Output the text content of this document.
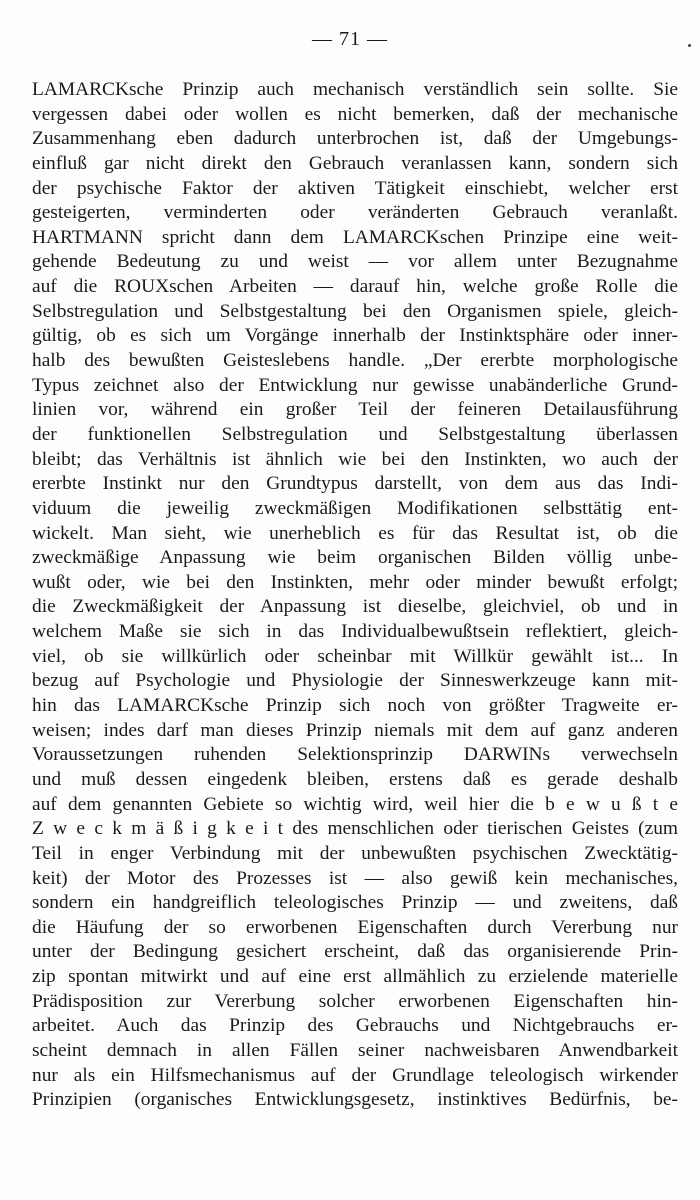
— 71 —
LAMARCKsche Prinzip auch mechanisch verständlich sein sollte. Sie
vergessen dabei oder wollen es nicht bemerken, daß der mechanische
Zusammenhang eben dadurch unterbrochen ist, daß der Umgebungs-
einfluß gar nicht direkt den Gebrauch veranlassen kann, sondern sich
der psychische Faktor der aktiven Tätigkeit einschiebt, welcher erst
gesteigerten, verminderten oder veränderten Gebrauch veranlaßt.
HARTMANN spricht dann dem LAMARCKschen Prinzipe eine weit-
gehende Bedeutung zu und weist — vor allem unter Bezugnahme
auf die ROUXschen Arbeiten — darauf hin, welche große Rolle die
Selbstregulation und Selbstgestaltung bei den Organismen spiele, gleich-
gültig, ob es sich um Vorgänge innerhalb der Instinktsphäre oder inner-
halb des bewußten Geisteslebens handle. „Der ererbte morphologische
Typus zeichnet also der Entwicklung nur gewisse unabänderliche Grund-
linien vor, während ein großer Teil der feineren Detailausführung
der funktionellen Selbstregulation und Selbstgestaltung überlassen
bleibt; das Verhältnis ist ähnlich wie bei den Instinkten, wo auch der
ererbte Instinkt nur den Grundtypus darstellt, von dem aus das Indi-
viduum die jeweilig zweckmäßigen Modifikationen selbsttätig ent-
wickelt. Man sieht, wie unerheblich es für das Resultat ist, ob die
zweckmäßige Anpassung wie beim organischen Bilden völlig unbe-
wußt oder, wie bei den Instinkten, mehr oder minder bewußt erfolgt;
die Zweckmäßigkeit der Anpassung ist dieselbe, gleichviel, ob und in
welchem Maße sie sich in das Individualbewußtsein reflektiert, gleich-
viel, ob sie willkürlich oder scheinbar mit Willkür gewählt ist... In
bezug auf Psychologie und Physiologie der Sinneswerkzeuge kann mit-
hin das LAMARCKsche Prinzip sich noch von größter Tragweite er-
weisen; indes darf man dieses Prinzip niemals mit dem auf ganz anderen
Voraussetzungen ruhenden Selektionsprinzip DARWINs verwechseln
und muß dessen eingedenk bleiben, erstens daß es gerade deshalb
auf dem genannten Gebiete so wichtig wird, weil hier die b e w u ß t e
Z w e c k m ä ß i g k e i t des menschlichen oder tierischen Geistes (zum
Teil in enger Verbindung mit der unbewußten psychischen Zwecktätig-
keit) der Motor des Prozesses ist — also gewiß kein mechanisches,
sondern ein handgreiflich teleologisches Prinzip — und zweitens, daß
die Häufung der so erworbenen Eigenschaften durch Vererbung nur
unter der Bedingung gesichert erscheint, daß das organisierende Prin-
zip spontan mitwirkt und auf eine erst allmählich zu erzielende materielle
Prädisposition zur Vererbung solcher erworbenen Eigenschaften hin-
arbeitet. Auch das Prinzip des Gebrauchs und Nichtgebrauchs er-
scheint demnach in allen Fällen seiner nachweisbaren Anwendbarkeit
nur als ein Hilfsmechanismus auf der Grundlage teleologisch wirkender
Prinzipien (organisches Entwicklungsgesetz, instinktives Bedürfnis, be-
